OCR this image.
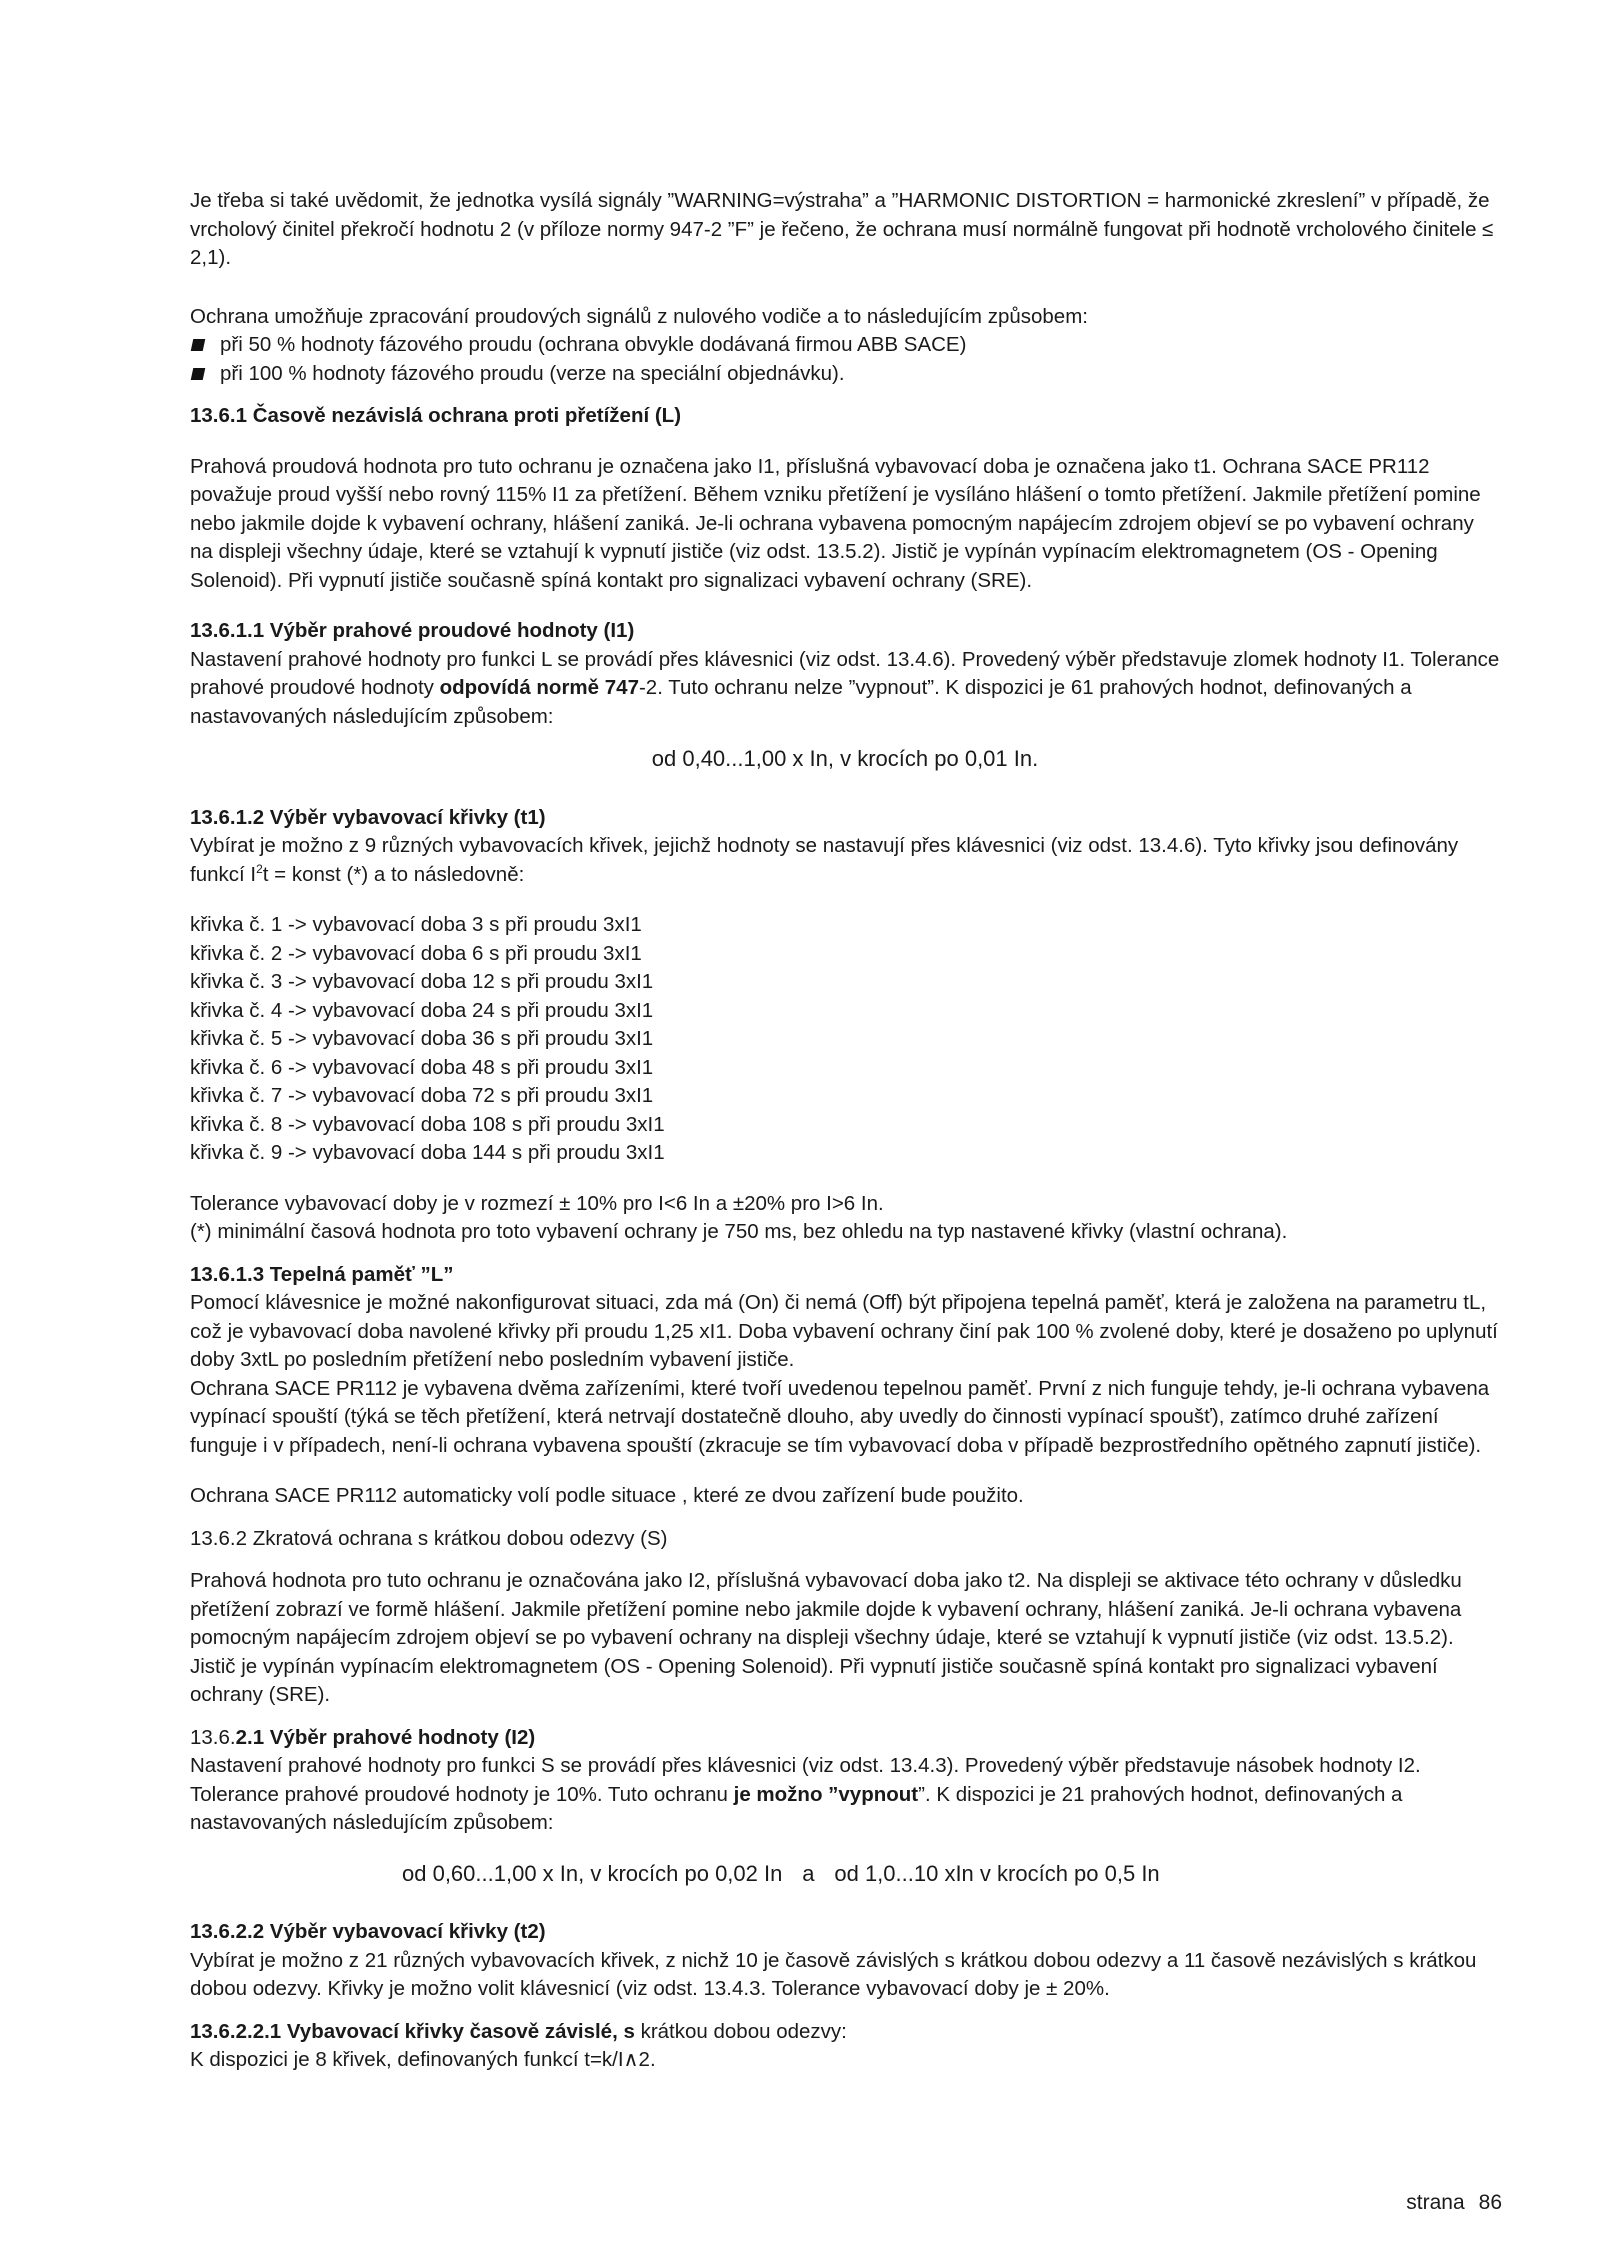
Je třeba si také uvědomit, že jednotka vysílá signály ”WARNING=výstraha” a ”HARMONIC DISTORTION = harmonické zkreslení” v případě, že vrcholový činitel překročí hodnotu 2 (v příloze normy 947-2 ”F” je řečeno, že ochrana musí normálně fungovat při hodnotě vrcholového činitele ≤ 2,1).

Ochrana umožňuje zpracování proudových signálů z nulového vodiče a to následujícím způsobem:

při 50 % hodnoty fázového proudu (ochrana obvykle dodávaná firmou ABB SACE)
při 100 % hodnoty fázového proudu (verze na speciální objednávku).

13.6.1 Časově nezávislá ochrana proti přetížení (L)

Prahová proudová hodnota pro tuto ochranu je označena jako I1, příslušná vybavovací doba je označena jako t1. Ochrana SACE PR112 považuje proud vyšší nebo rovný 115% I1 za přetížení. Během vzniku přetížení je vysíláno hlášení o tomto přetížení. Jakmile přetížení pomine nebo jakmile dojde k vybavení ochrany, hlášení zaniká. Je-li ochrana vybavena pomocným napájecím zdrojem objeví se po vybavení ochrany na displeji všechny údaje, které se vztahují k vypnutí jističe (viz odst. 13.5.2). Jistič je vypínán vypínacím elektromagnetem (OS - Opening Solenoid). Při vypnutí jističe současně spíná kontakt pro signalizaci vybavení ochrany (SRE).

13.6.1.1 Výběr prahové proudové hodnoty (I1)

Nastavení prahové hodnoty pro funkci L se provádí přes klávesnici (viz odst. 13.4.6). Provedený výběr představuje zlomek hodnoty I1. Tolerance prahové proudové hodnoty odpovídá normě 747-2. Tuto ochranu nelze ”vypnout”. K dispozici je 61 prahových hodnot, definovaných a nastavovaných následujícím způsobem:

od 0,40...1,00 x In, v krocích po 0,01 In.

13.6.1.2 Výběr vybavovací křivky (t1)

Vybírat je možno z 9 různých vybavovacích křivek, jejichž hodnoty se nastavují přes klávesnici (viz odst. 13.4.6). Tyto křivky jsou definovány funkcí $I^2t$ = konst (*) a to následovně:

křivka č. 1 -> vybavovací doba 3 s při proudu 3xI1

křivka č. 2 -> vybavovací doba 6 s při proudu 3xI1

křivka č. 3 -> vybavovací doba 12 s při proudu 3xI1

křivka č. 4 -> vybavovací doba 24 s při proudu 3xI1

křivka č. 5 -> vybavovací doba 36 s při proudu 3xI1

křivka č. 6 -> vybavovací doba 48 s při proudu 3xI1

křivka č. 7 -> vybavovací doba 72 s při proudu 3xI1

křivka č. 8 -> vybavovací doba 108 s při proudu 3xI1

křivka č. 9 -> vybavovací doba 144 s při proudu 3xI1

Tolerance vybavovací doby je v rozmezí ± 10% pro I<6 In a ±20% pro I>6 In.

(*) minimální časová hodnota pro toto vybavení ochrany je 750 ms, bez ohledu na typ nastavené křivky (vlastní ochrana).

13.6.1.3 Tepelná paměť ”L”

Pomocí klávesnice je možné nakonfigurovat situaci, zda má (On) či nemá (Off) být připojena tepelná paměť, která je založena na parametru tL, což je vybavovací doba navolené křivky při proudu 1,25 xI1. Doba vybavení ochrany činí pak 100 % zvolené doby, které je dosaženo po uplynutí doby 3xtL po posledním přetížení nebo posledním vybavení jističe.

Ochrana SACE PR112 je vybavena dvěma zařízeními, které tvoří uvedenou tepelnou paměť. První z nich funguje tehdy, je-li ochrana vybavena vypínací spouští (týká se těch přetížení, která netrvají dostatečně dlouho, aby uvedly do činnosti vypínací spoušť), zatímco druhé zařízení funguje i v případech, není-li ochrana vybavena spouští (zkracuje se tím vybavovací doba v případě bezprostředního opětného zapnutí jističe).

Ochrana SACE PR112 automaticky volí podle situace , které ze dvou zařízení bude použito.

13.6.2 Zkratová ochrana s krátkou dobou odezvy (S)

Prahová hodnota pro tuto ochranu je označována jako I2, příslušná vybavovací doba jako t2. Na displeji se aktivace této ochrany v důsledku přetížení zobrazí ve formě hlášení. Jakmile přetížení pomine nebo jakmile dojde k vybavení ochrany, hlášení zaniká. Je-li ochrana vybavena pomocným napájecím zdrojem objeví se po vybavení ochrany na displeji všechny údaje, které se vztahují k vypnutí jističe (viz odst. 13.5.2).

Jistič je vypínán vypínacím elektromagnetem (OS - Opening Solenoid). Při vypnutí jističe současně spíná kontakt pro signalizaci vybavení ochrany (SRE).

13.6.2.1 Výběr prahové hodnoty (I2)

Nastavení prahové hodnoty pro funkci S se provádí přes klávesnici (viz odst. 13.4.3). Provedený výběr představuje násobek hodnoty I2. Tolerance prahové proudové hodnoty je 10%. Tuto ochranu je možno ”vypnout”. K dispozici je 21 prahových hodnot, definovaných a nastavovaných následujícím způsobem:

od 0,60...1,00 x In, v krocích po 0,02 In a od 1,0...10 xIn v krocích po 0,5 In

13.6.2.2 Výběr vybavovací křivky (t2)

Vybírat je možno z 21 různých vybavovacích křivek, z nichž 10 je časově závislých s krátkou dobou odezvy a 11 časově nezávislých s krátkou dobou odezvy. Křivky je možno volit klávesnicí (viz odst. 13.4.3. Tolerance vybavovací doby je ± 20%.

13.6.2.2.1 Vybavovací křivky časově závislé, s krátkou dobou odezvy:

K dispozici je 8 křivek, definovaných funkcí t=k/I∧2.

strana 86
